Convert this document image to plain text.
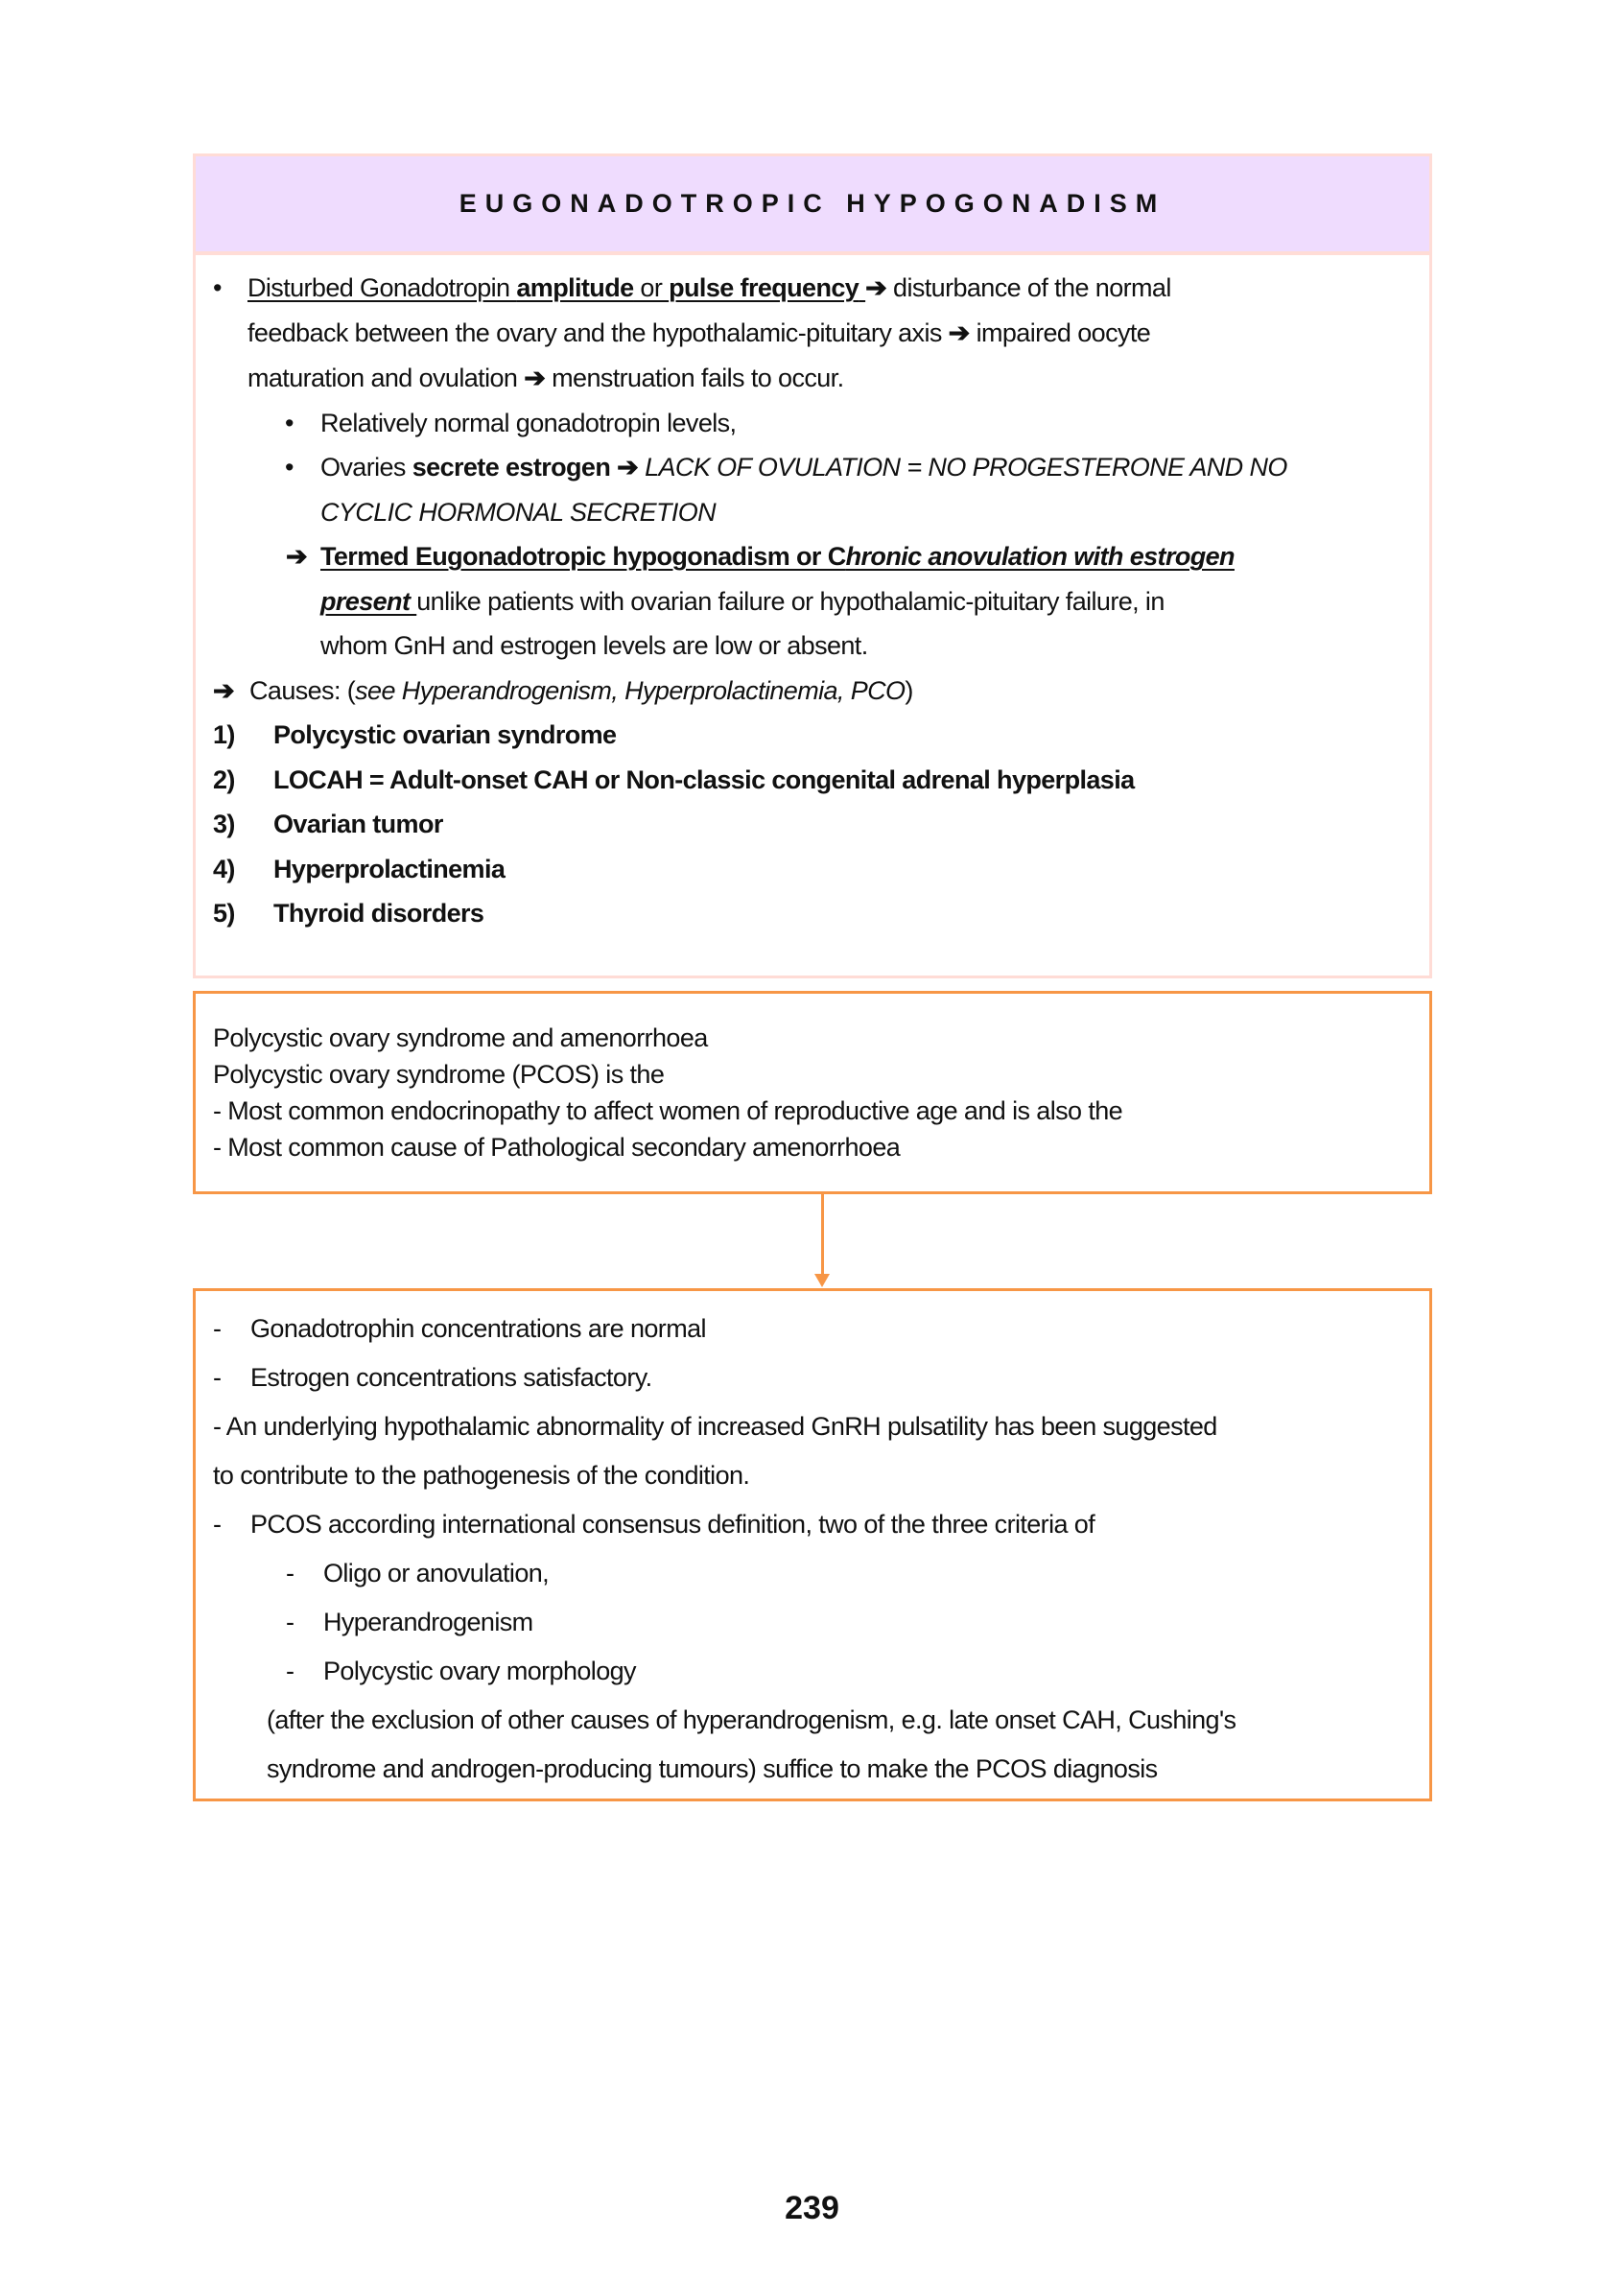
EUGONADOTROPIC HYPOGONADISM
• Disturbed Gonadotropin amplitude or pulse frequency ➔ disturbance of the normal
feedback between the ovary and the hypothalamic-pituitary axis ➔ impaired oocyte
maturation and ovulation ➔ menstruation fails to occur.
• Relatively normal gonadotropin levels,
• Ovaries secrete estrogen ➔ LACK OF OVULATION = NO PROGESTERONE AND NO
CYCLIC HORMONAL SECRETION
➔ Termed Eugonadotropic hypogonadism or Chronic anovulation with estrogen
present unlike patients with ovarian failure or hypothalamic-pituitary failure, in
whom GnH and estrogen levels are low or absent.
➔ Causes: (see Hyperandrogenism, Hyperprolactinemia, PCO)
1) Polycystic ovarian syndrome
2) LOCAH = Adult-onset CAH or Non-classic congenital adrenal hyperplasia
3) Ovarian tumor
4) Hyperprolactinemia
5) Thyroid disorders
Polycystic ovary syndrome and amenorrhoea
Polycystic ovary syndrome (PCOS) is the
- Most common endocrinopathy to affect women of reproductive age and is also the
- Most common cause of Pathological secondary amenorrhoea
- Gonadotrophin concentrations are normal
- Estrogen concentrations satisfactory.
- An underlying hypothalamic abnormality of increased GnRH pulsatility has been suggested
to contribute to the pathogenesis of the condition.
- PCOS according international consensus definition, two of the three criteria of
- Oligo or anovulation,
- Hyperandrogenism
- Polycystic ovary morphology
(after the exclusion of other causes of hyperandrogenism, e.g. late onset CAH, Cushing's
syndrome and androgen-producing tumours) suffice to make the PCOS diagnosis
239
